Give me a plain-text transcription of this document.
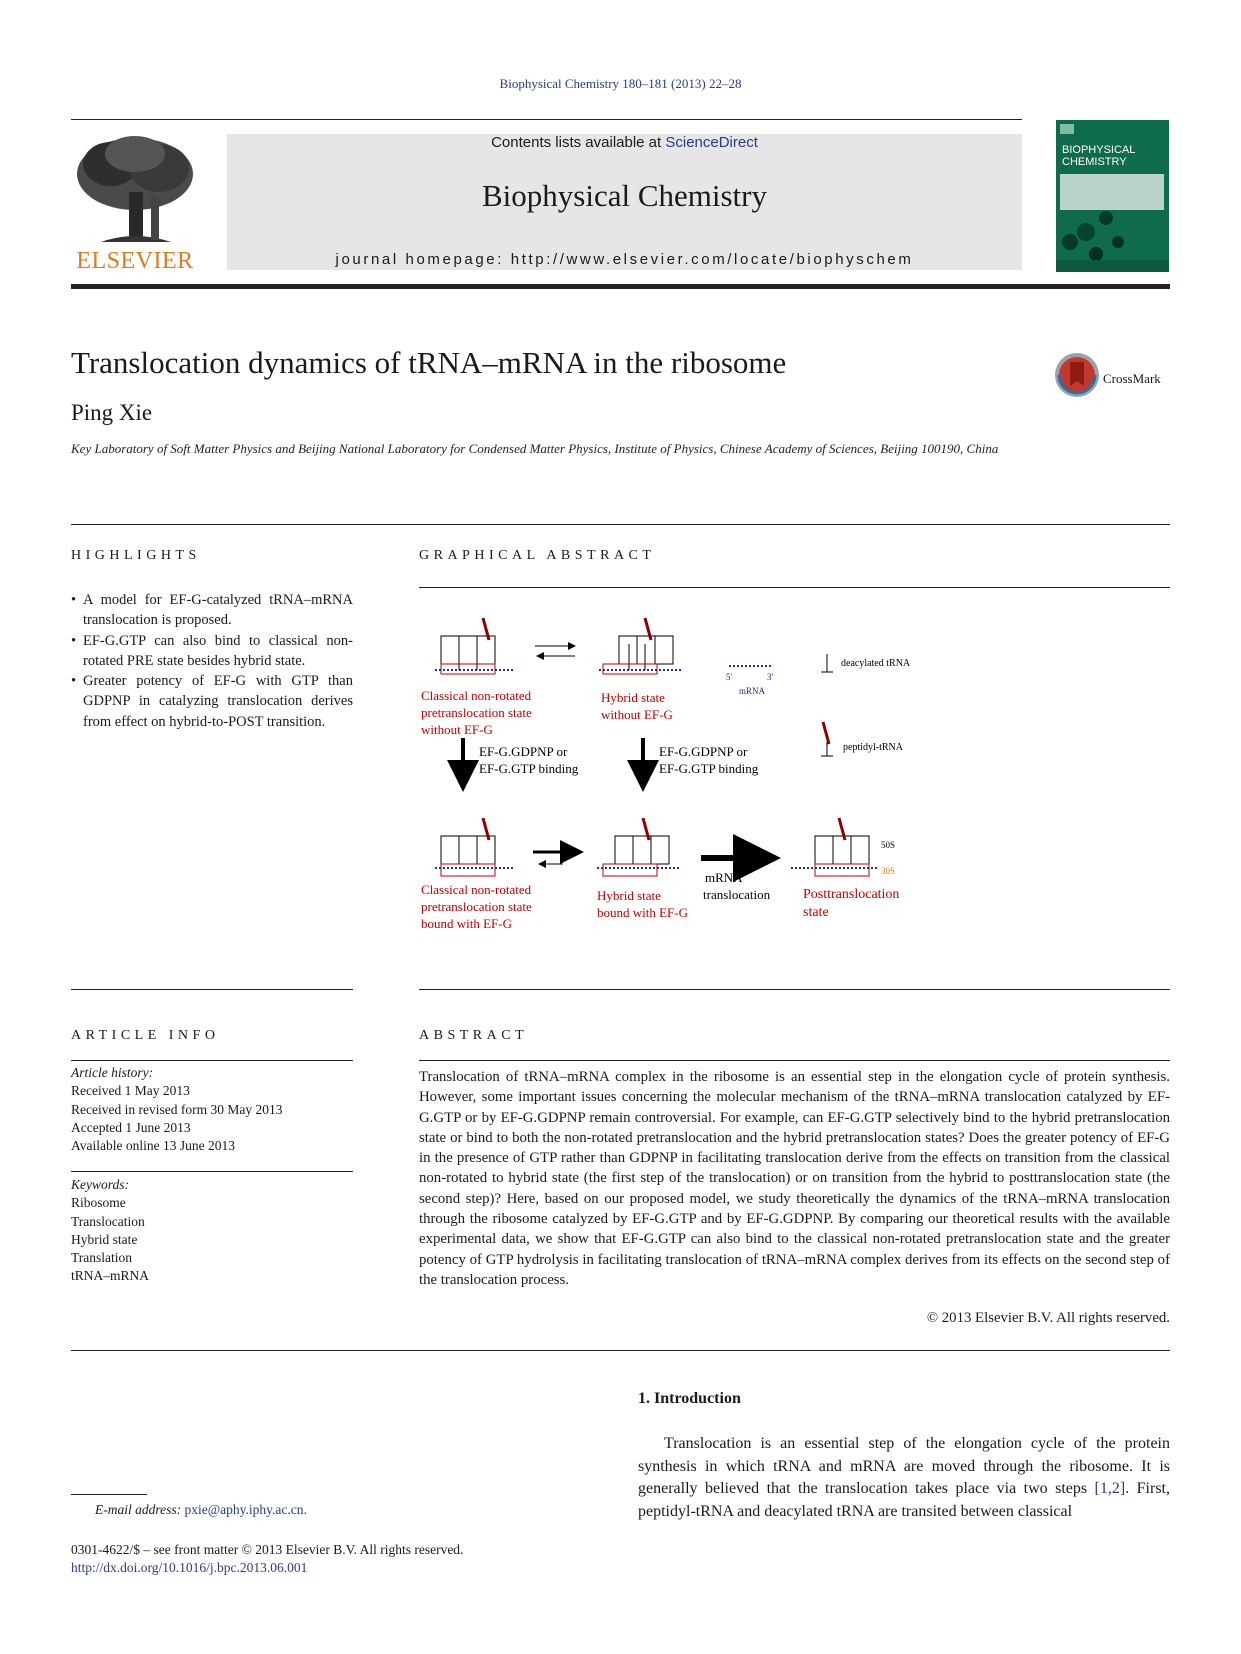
Biophysical Chemistry 180–181 (2013) 22–28
ELSEVIER
Contents lists available at ScienceDirect
Biophysical Chemistry
journal homepage: http://www.elsevier.com/locate/biophyschem
BIOPHYSICAL CHEMISTRY
Translocation dynamics of tRNA–mRNA in the ribosome
Ping Xie
Key Laboratory of Soft Matter Physics and Beijing National Laboratory for Condensed Matter Physics, Institute of Physics, Chinese Academy of Sciences, Beijing 100190, China
CrossMark
HIGHLIGHTS
• A model for EF-G-catalyzed tRNA–mRNA translocation is proposed.
• EF-G.GTP can also bind to classical non-rotated PRE state besides hybrid state.
• Greater potency of EF-G with GTP than GDPNP in catalyzing translocation derives from effect on hybrid-to-POST transition.
GRAPHICAL ABSTRACT
Classical non-rotated
pretranslocation state
without EF-G
Hybrid state
without EF-G
5'	3'
mRNA
deacylated tRNA
peptidyl-tRNA
EF-G.GDPNP or
EF-G.GTP binding
EF-G.GDPNP or
EF-G.GTP binding
Classical non-rotated
pretranslocation state
bound with EF-G
Hybrid state
bound with EF-G
mRNA
translocation
50S
30S
Posttranslocation
state
ARTICLE INFO
Article history:
Received 1 May 2013
Received in revised form 30 May 2013
Accepted 1 June 2013
Available online 13 June 2013
Keywords:
Ribosome
Translocation
Hybrid state
Translation
tRNA–mRNA
ABSTRACT
Translocation of tRNA–mRNA complex in the ribosome is an essential step in the elongation cycle of protein synthesis. However, some important issues concerning the molecular mechanism of the tRNA–mRNA translocation catalyzed by EF-G.GTP or by EF-G.GDPNP remain controversial. For example, can EF-G.GTP selectively bind to the hybrid pretranslocation state or bind to both the non-rotated pretranslocation and the hybrid pretranslocation states? Does the greater potency of EF-G in the presence of GTP rather than GDPNP in facilitating translocation derive from the effects on transition from the classical non-rotated to hybrid state (the first step of the translocation) or on transition from the hybrid to posttranslocation state (the second step)? Here, based on our proposed model, we study theoretically the dynamics of the tRNA–mRNA translocation through the ribosome catalyzed by EF-G.GTP and by EF-G.GDPNP. By comparing our theoretical results with the available experimental data, we show that EF-G.GTP can also bind to the classical non-rotated pretranslocation state and the greater potency of GTP hydrolysis in facilitating translocation of tRNA–mRNA complex derives from its effects on the second step of the translocation process.
© 2013 Elsevier B.V. All rights reserved.
1. Introduction

Translocation is an essential step of the elongation cycle of the protein synthesis in which tRNA and mRNA are moved through the ribosome. It is generally believed that the translocation takes place via two steps [1,2]. First, peptidyl-tRNA and deacylated tRNA are transited between classical

E-mail address: pxie@aphy.iphy.ac.cn.
0301-4622/$ – see front matter © 2013 Elsevier B.V. All rights reserved.
http://dx.doi.org/10.1016/j.bpc.2013.06.001
